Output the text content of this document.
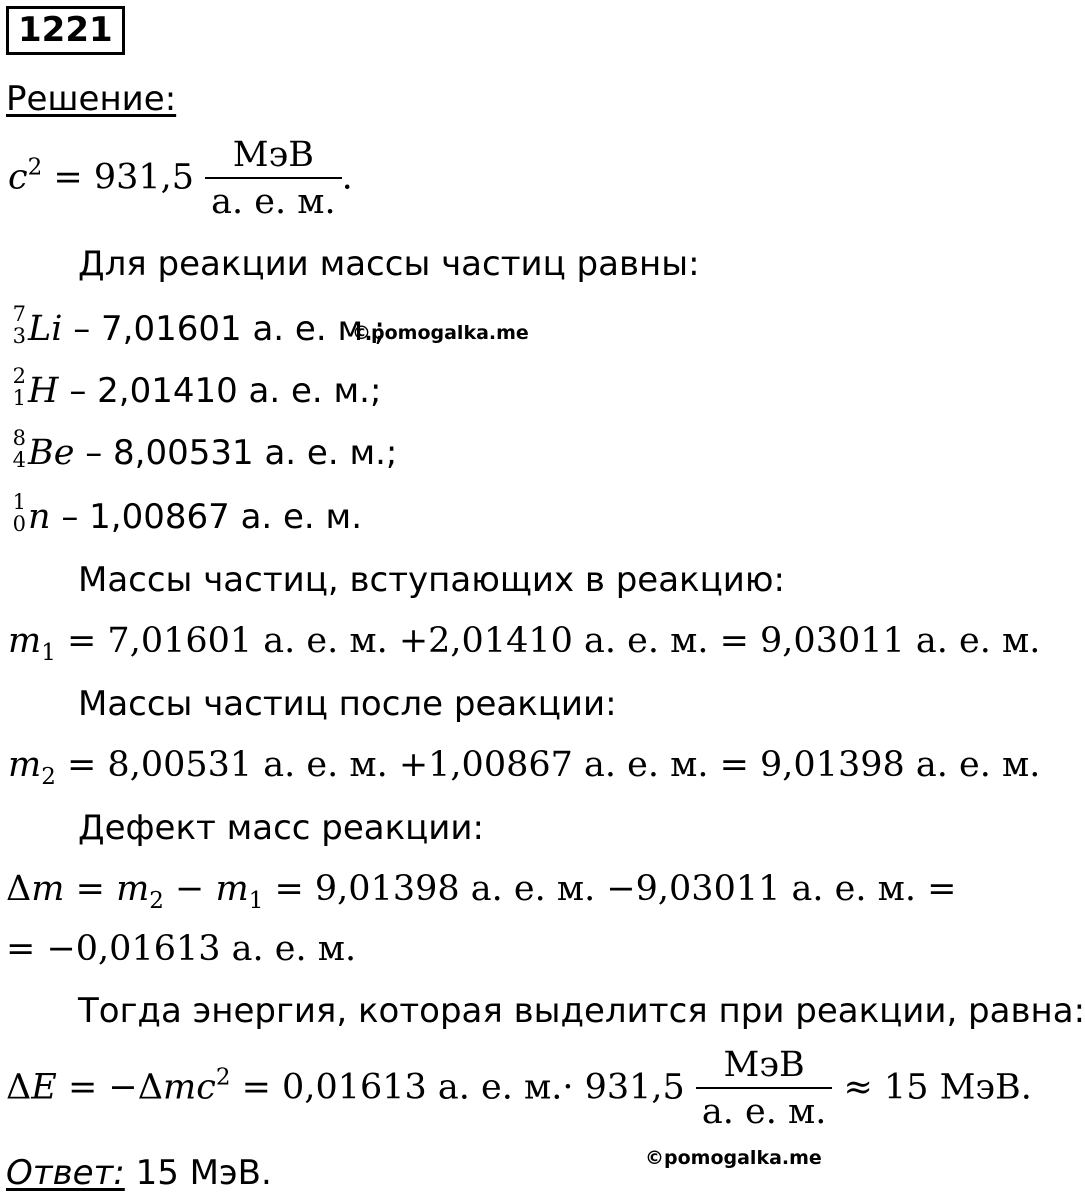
1221
Решение:
$c^2 = 931,5 \frac{\text{МэВ}}{а. е. м.}$ .
Для реакции массы частиц равны:
7
3 Li – 7,01601 а. е. м.;
©pomogalka.me
2
1 H – 2,01410 а. е. м.;
8
4 Be – 8,00531 а. е. м.;
1
0 n – 1,00867 а. е. м.
Массы частиц, вступающих в реакцию:
$m_1 = 7,01601$ а. е. м. +2,01410 а. е. м. = 9,03011 а. е. м.
Массы частиц после реакции:
$m_2 = 8,00531$ а. е. м. +1,00867 а. е. м. = 9,01398 а. е. м.
Дефект масс реакции:
$\Delta m = m_2 - m_1 = 9,01398$ а. е. м. −9,03011 а. е. м. =
= −0,01613 а. е. м.
Тогда энергия, которая выделится при реакции, равна:
ΔE = −Δmc$^2$ = 0,01613 а. е. $м.\cdot 931,5 \frac{\text{МэВ}}{а. е. м.} \approx 15$ МэВ.
©pomogalka.me
Ответ: 15 МэВ.
